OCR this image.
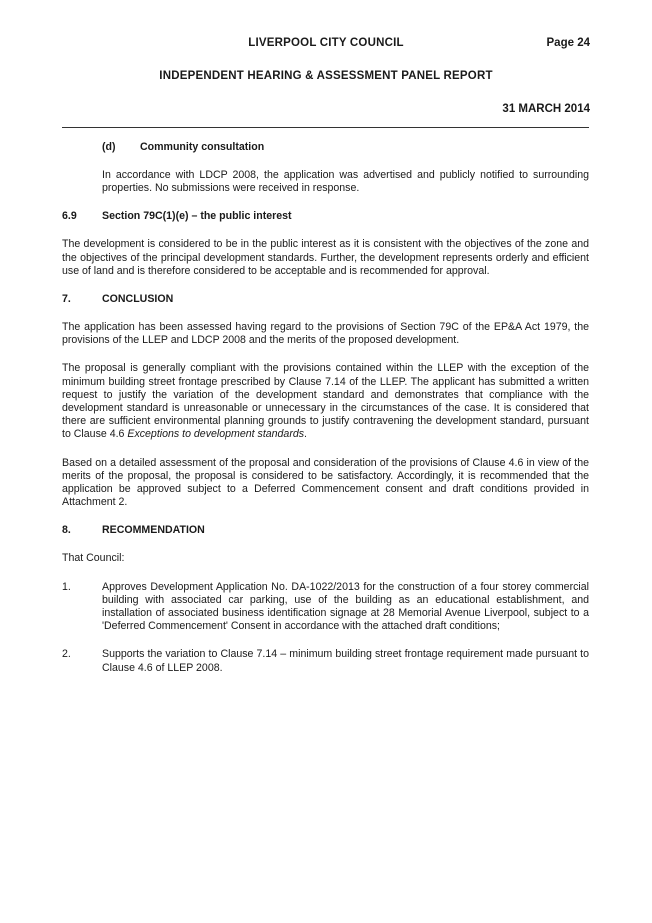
LIVERPOOL CITY COUNCIL	Page 24
INDEPENDENT HEARING & ASSESSMENT PANEL REPORT
31 MARCH 2014
(d)	Community consultation

In accordance with LDCP 2008, the application was advertised and publicly notified to surrounding properties. No submissions were received in response.

6.9	Section 79C(1)(e) – the public interest

The development is considered to be in the public interest as it is consistent with the objectives of the zone and the objectives of the principal development standards. Further, the development represents orderly and efficient use of land and is therefore considered to be acceptable and is recommended for approval.

7.	CONCLUSION

The application has been assessed having regard to the provisions of Section 79C of the EP&A Act 1979, the provisions of the LLEP and LDCP 2008 and the merits of the proposed development.

The proposal is generally compliant with the provisions contained within the LLEP with the exception of the minimum building street frontage prescribed by Clause 7.14 of the LLEP. The applicant has submitted a written request to justify the variation of the development standard and demonstrates that compliance with the development standard is unreasonable or unnecessary in the circumstances of the case. It is considered that there are sufficient environmental planning grounds to justify contravening the development standard, pursuant to Clause 4.6 Exceptions to development standards.

Based on a detailed assessment of the proposal and consideration of the provisions of Clause 4.6 in view of the merits of the proposal, the proposal is considered to be satisfactory. Accordingly, it is recommended that the application be approved subject to a Deferred Commencement consent and draft conditions provided in Attachment 2.

8.	RECOMMENDATION

That Council:

1.	Approves Development Application No. DA-1022/2013 for the construction of a four storey commercial building with associated car parking, use of the building as an educational establishment, and installation of associated business identification signage at 28 Memorial Avenue Liverpool, subject to a 'Deferred Commencement' Consent in accordance with the attached draft conditions;
2.	Supports the variation to Clause 7.14 – minimum building street frontage requirement made pursuant to Clause 4.6 of LLEP 2008.
